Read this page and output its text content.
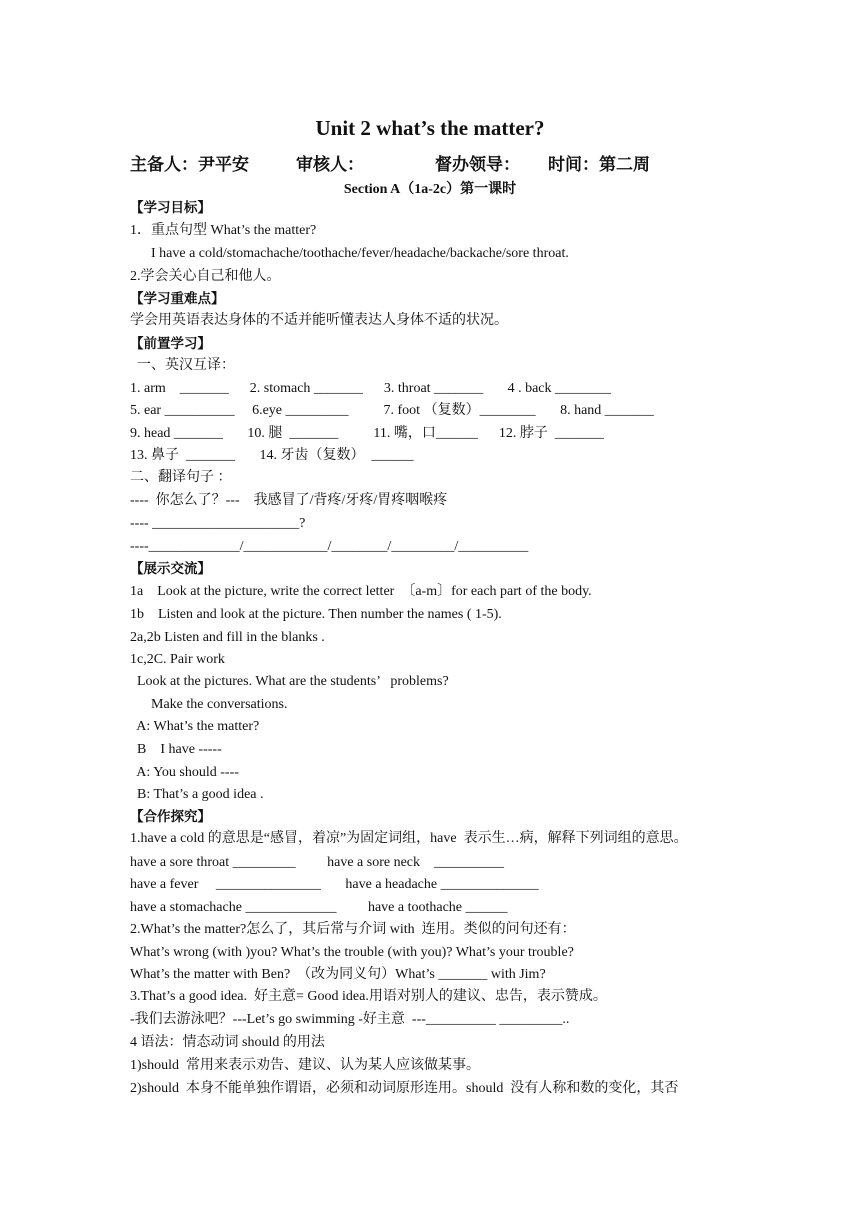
Unit 2 what’s the matter?
主备人：尹平安	审核人：	督办领导： 时间：第二周
Section A（1a-2c）第一课时
【学习目标】
1．重点句型 What’s the matter?
I have a cold/stomachache/toothache/fever/headache/backache/sore throat.
2.学会关心自己和他人。
【学习重难点】
学会用英语表达身体的不适并能听懂表达人身体不适的状况。
【前置学习】
一、英汉互译：
1. arm    _______      2. stomach _______      3. throat _______       4 . back ________
5. ear __________     6.eye _________          7. foot （复数）________       8. hand _______
9. head _______       10. 腿  _______          11. 嘴，口______      12. 脖子  _______
13. 鼻子  _______       14. 牙齿（复数）  ______
二、翻译句子 ：
----  你怎么了？---    我感冒了/背疼/牙疼/胃疼咽喉疼
---- _____________________?
----_____________/____________/________/_________/__________
【展示交流】
1a    Look at the picture, write the correct letter  〔a-m〕for each part of the body.
1b    Listen and look at the picture. Then number the names ( 1-5).
2a,2b Listen and fill in the blanks .
1c,2C. Pair work
Look at the pictures. What are the students’   problems?
Make the conversations.
A: What’s the matter?
B    I have -----
A: You should ----
B: That’s a good idea .
【合作探究】
1.have a cold 的意思是“感冒，着凉”为固定词组，have  表示生…病，解释下列词组的意思。
have a sore throat _________         have a sore neck    __________
have a fever     _______________       have a headache ______________
have a stomachache _____________         have a toothache ______
2.What’s the matter?怎么了，其后常与介词 with  连用。类似的问句还有：
What’s wrong (with )you? What’s the trouble (with you)? What’s your trouble?
What’s the matter with Ben?  （改为同义句）What’s _______ with Jim?
3.That’s a good idea.  好主意= Good idea.用语对别人的建议、忠告，表示赞成。
-我们去游泳吧？---Let’s go swimming -好主意  ---__________ _________..
4 语法：情态动词 should 的用法
1)should  常用来表示劝告、建议、认为某人应该做某事。
2)should  本身不能单独作谓语，必须和动词原形连用。should  没有人称和数的变化，其否
